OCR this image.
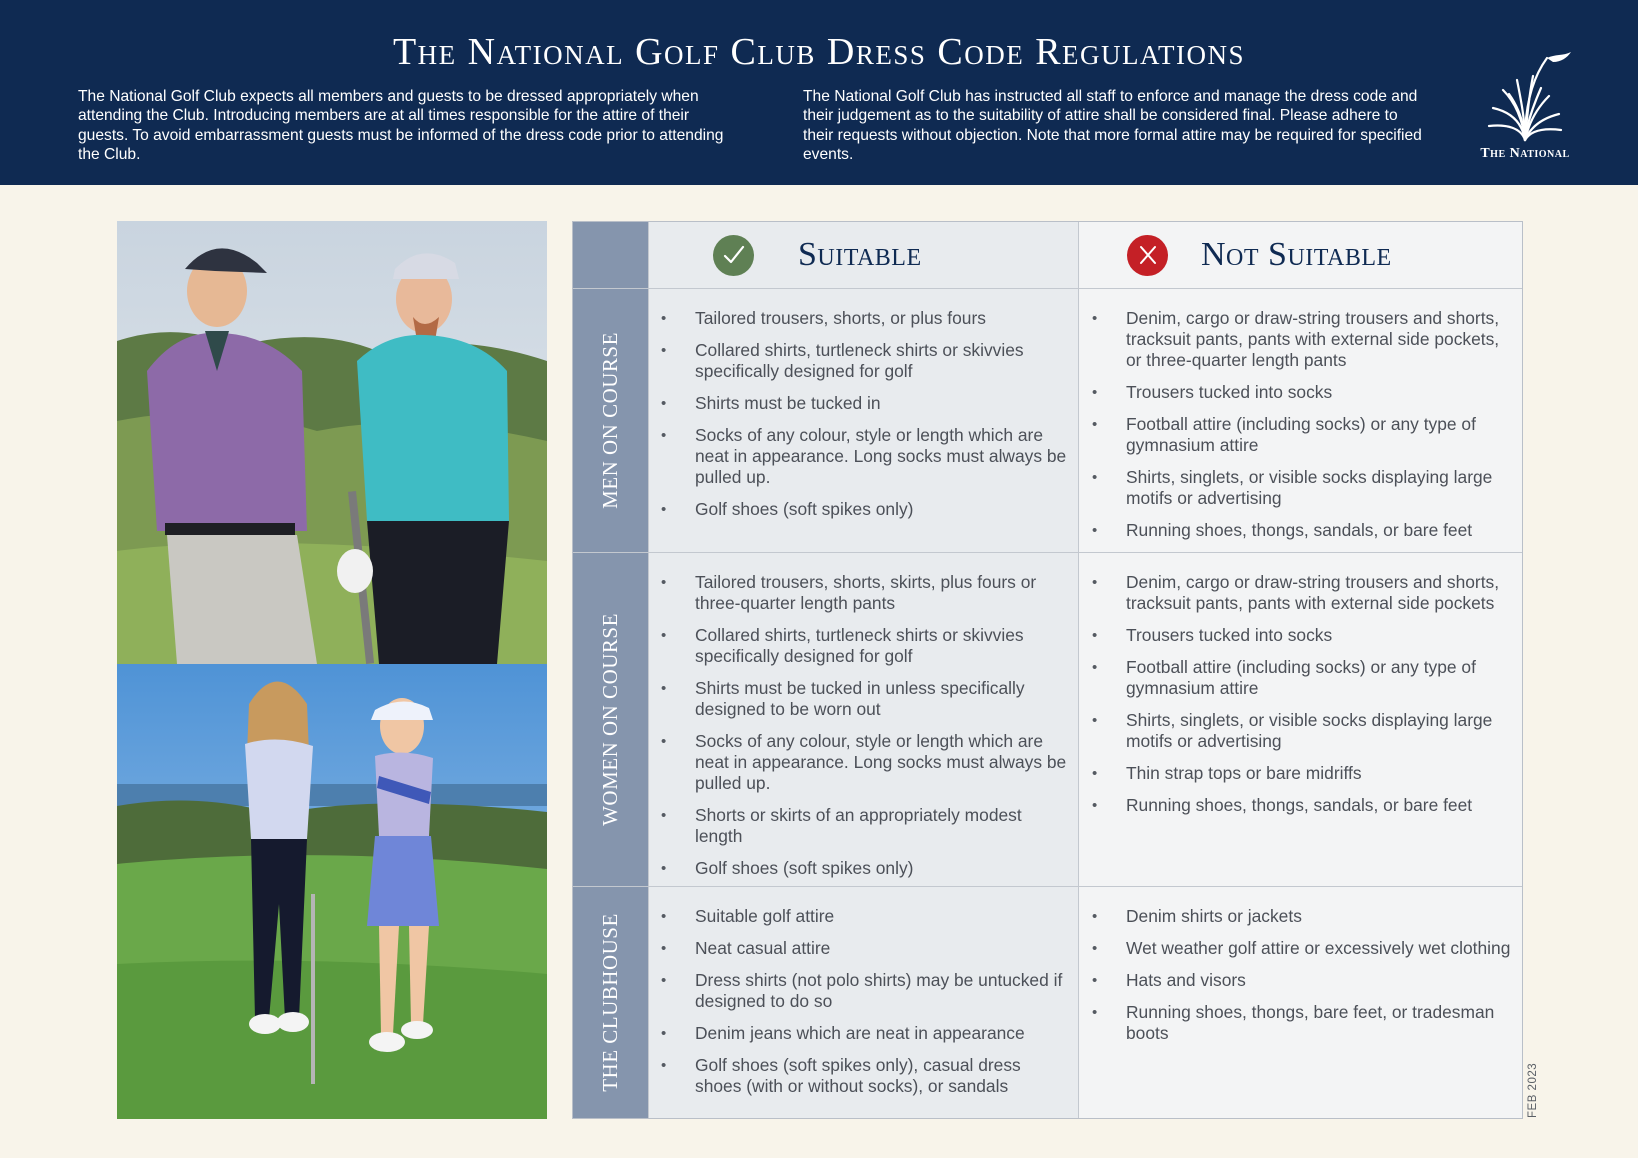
The National Golf Club Dress Code Regulations

The National Golf Club expects all members and guests to be dressed appropriately when attending the Club. Introducing members are at all times responsible for the attire of their guests. To avoid embarrassment guests must be informed of the dress code prior to attending the Club.

The National Golf Club has instructed all staff to enforce and manage the dress code and their judgement as to the suitability of attire shall be considered final. Please adhere to their requests without objection. Note that more formal attire may be required for specified events.	The National
Suitable	Not Suitable
MEN ON COURSE
WOMEN ON COURSE
THE CLUBHOUSE
• Tailored trousers, shorts, or plus fours
• Collared shirts, turtleneck shirts or skivvies specifically designed for golf
• Shirts must be tucked in
• Socks of any colour, style or length which are neat in appearance. Long socks must always be pulled up.
• Golf shoes (soft spikes only)
• Denim, cargo or draw-string trousers and shorts, tracksuit pants, pants with external side pockets, or three-quarter length pants
• Trousers tucked into socks
• Football attire (including socks) or any type of gymnasium attire
• Shirts, singlets, or visible socks displaying large motifs or advertising
• Running shoes, thongs, sandals, or bare feet
• Tailored trousers, shorts, skirts, plus fours or three-quarter length pants
• Collared shirts, turtleneck shirts or skivvies specifically designed for golf
• Shirts must be tucked in unless specifically designed to be worn out
• Socks of any colour, style or length which are neat in appearance. Long socks must always be pulled up.
• Shorts or skirts of an appropriately modest length
• Golf shoes (soft spikes only)
• Denim, cargo or draw-string trousers and shorts, tracksuit pants, pants with external side pockets
• Trousers tucked into socks
• Football attire (including socks) or any type of gymnasium attire
• Shirts, singlets, or visible socks displaying large motifs or advertising
• Thin strap tops or bare midriffs
• Running shoes, thongs, sandals, or bare feet
• Suitable golf attire
• Neat casual attire
• Dress shirts (not polo shirts) may be untucked if designed to do so
• Denim jeans which are neat in appearance
• Golf shoes (soft spikes only), casual dress shoes (with or without socks), or sandals
• Denim shirts or jackets
• Wet weather golf attire or excessively wet clothing
• Hats and visors
• Running shoes, thongs, bare feet, or tradesman boots
FEB 2023
